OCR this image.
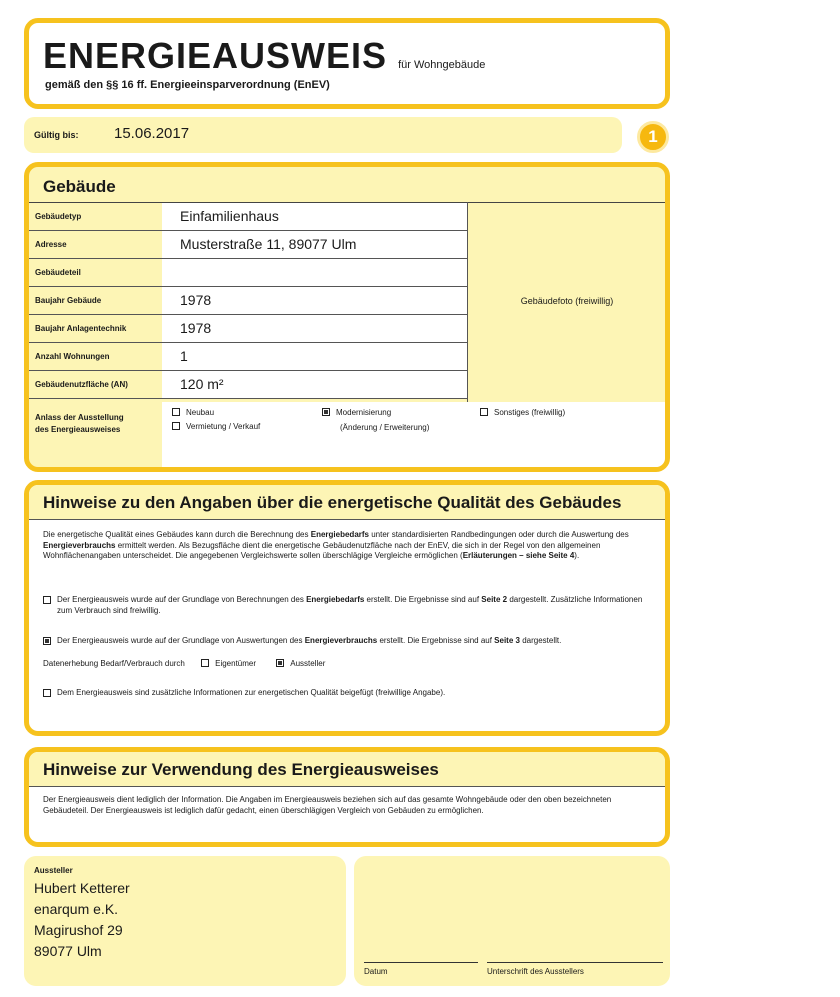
ENERGIEAUSWEIS für Wohngebäude
gemäß den §§ 16 ff. Energieeinsparverordnung (EnEV)
Gültig bis: 15.06.2017	1
Gebäude
Gebäudetyp	Einfamilienhaus
Adresse	Musterstraße 11, 89077 Ulm
Gebäudeteil
Baujahr Gebäude	1978
Baujahr Anlagentechnik	1978
Anzahl Wohnungen	1
Gebäudenutzfläche (AN)	120 m²
Gebäudefoto (freiwillig)
Anlass der Ausstellung
des Energieausweises
Neubau
Vermietung / Verkauf
Modernisierung
(Änderung / Erweiterung)
Sonstiges (freiwillig)
Hinweise zu den Angaben über die energetische Qualität des Gebäudes
Die energetische Qualität eines Gebäudes kann durch die Berechnung des Energiebedarfs unter standardisierten Randbedingungen oder durch die Auswertung des Energieverbrauchs ermittelt werden. Als Bezugsfläche dient die energetische Gebäudenutzfläche nach der EnEV, die sich in der Regel von den allgemeinen Wohnflächenangaben unterscheidet. Die angegebenen Vergleichswerte sollen überschlägige Vergleiche ermöglichen (Erläuterungen – siehe Seite 4).
Der Energieausweis wurde auf der Grundlage von Berechnungen des Energiebedarfs erstellt. Die Ergebnisse sind auf Seite 2 dargestellt. Zusätzliche Informationen zum Verbrauch sind freiwillig.
Der Energieausweis wurde auf der Grundlage von Auswertungen des Energieverbrauchs erstellt. Die Ergebnisse sind auf Seite 3 dargestellt.
Datenerhebung Bedarf/Verbrauch durch	Eigentümer	Aussteller
Dem Energieausweis sind zusätzliche Informationen zur energetischen Qualität beigefügt (freiwillige Angabe).
Hinweise zur Verwendung des Energieausweises
Der Energieausweis dient lediglich der Information. Die Angaben im Energieausweis beziehen sich auf das gesamte Wohngebäude oder den oben bezeichneten Gebäudeteil. Der Energieausweis ist lediglich dafür gedacht, einen überschlägigen Vergleich von Gebäuden zu ermöglichen.
Aussteller
Hubert Ketterer
enarqum e.K.
Magirushof 29
89077 Ulm
Datum	Unterschrift des Ausstellers
